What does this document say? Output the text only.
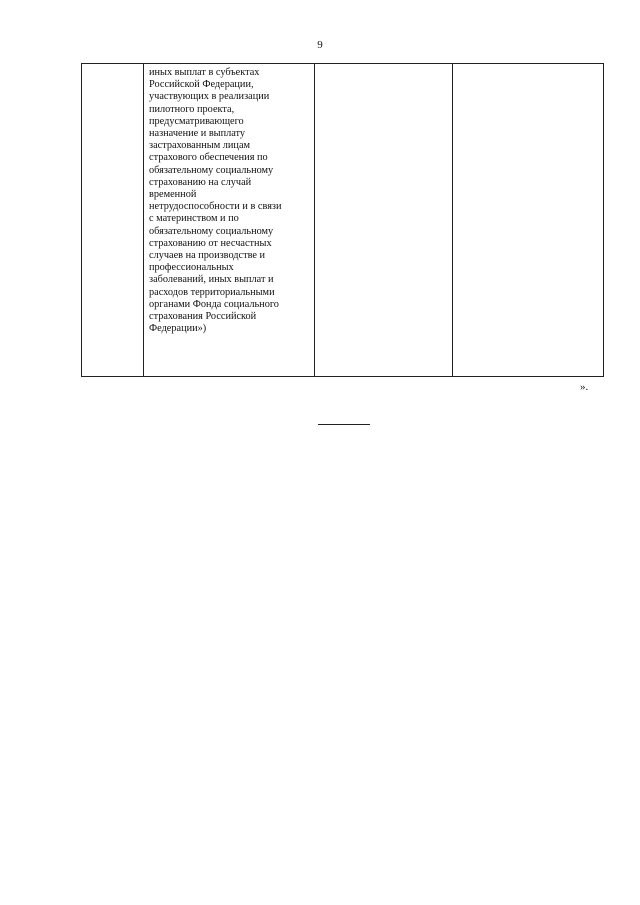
9

иных выплат в субъектах
Российской Федерации,
участвующих в реализации
пилотного проекта,
предусматривающего
назначение и выплату
застрахованным лицам
страхового обеспечения по
обязательному социальному
страхованию на случай
временной
нетрудоспособности и в связи
с материнством и по
обязательному социальному
страхованию от несчастных
случаев на производстве и
профессиональных
заболеваний, иных выплат и
расходов территориальными
органами Фонда социального
страхования Российской
Федерации»)

».
